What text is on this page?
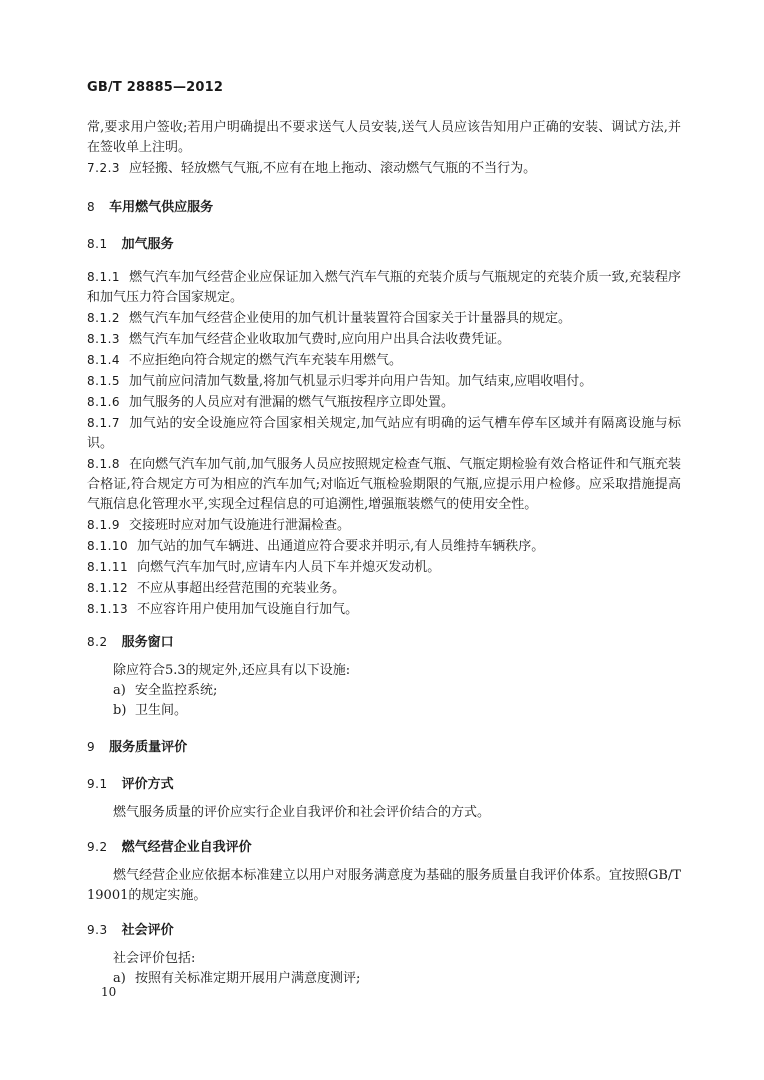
GB/T 28885—2012

常,要求用户签收;若用户明确提出不要求送气人员安装,送气人员应该告知用户正确的安装、调试方法,并在签收单上注明。

7.2.3 应轻搬、轻放燃气气瓶,不应有在地上拖动、滚动燃气气瓶的不当行为。

8 车用燃气供应服务

8.1 加气服务

8.1.1 燃气汽车加气经营企业应保证加入燃气汽车气瓶的充装介质与气瓶规定的充装介质一致,充装程序和加气压力符合国家规定。

8.1.2 燃气汽车加气经营企业使用的加气机计量装置符合国家关于计量器具的规定。

8.1.3 燃气汽车加气经营企业收取加气费时,应向用户出具合法收费凭证。

8.1.4 不应拒绝向符合规定的燃气汽车充装车用燃气。

8.1.5 加气前应问清加气数量,将加气机显示归零并向用户告知。加气结束,应唱收唱付。

8.1.6 加气服务的人员应对有泄漏的燃气气瓶按程序立即处置。

8.1.7 加气站的安全设施应符合国家相关规定,加气站应有明确的运气槽车停车区域并有隔离设施与标识。

8.1.8 在向燃气汽车加气前,加气服务人员应按照规定检查气瓶、气瓶定期检验有效合格证件和气瓶充装合格证,符合规定方可为相应的汽车加气;对临近气瓶检验期限的气瓶,应提示用户检修。应采取措施提高气瓶信息化管理水平,实现全过程信息的可追溯性,增强瓶装燃气的使用安全性。

8.1.9 交接班时应对加气设施进行泄漏检查。

8.1.10 加气站的加气车辆进、出通道应符合要求并明示,有人员维持车辆秩序。

8.1.11 向燃气汽车加气时,应请车内人员下车并熄灭发动机。

8.1.12 不应从事超出经营范围的充装业务。

8.1.13 不应容许用户使用加气设施自行加气。

8.2 服务窗口

除应符合5.3的规定外,还应具有以下设施:

a) 安全监控系统;

b) 卫生间。

9 服务质量评价

9.1 评价方式

燃气服务质量的评价应实行企业自我评价和社会评价结合的方式。

9.2 燃气经营企业自我评价

燃气经营企业应依据本标准建立以用户对服务满意度为基础的服务质量自我评价体系。宜按照GB/T 19001的规定实施。

9.3 社会评价

社会评价包括:

a) 按照有关标准定期开展用户满意度测评;

10
